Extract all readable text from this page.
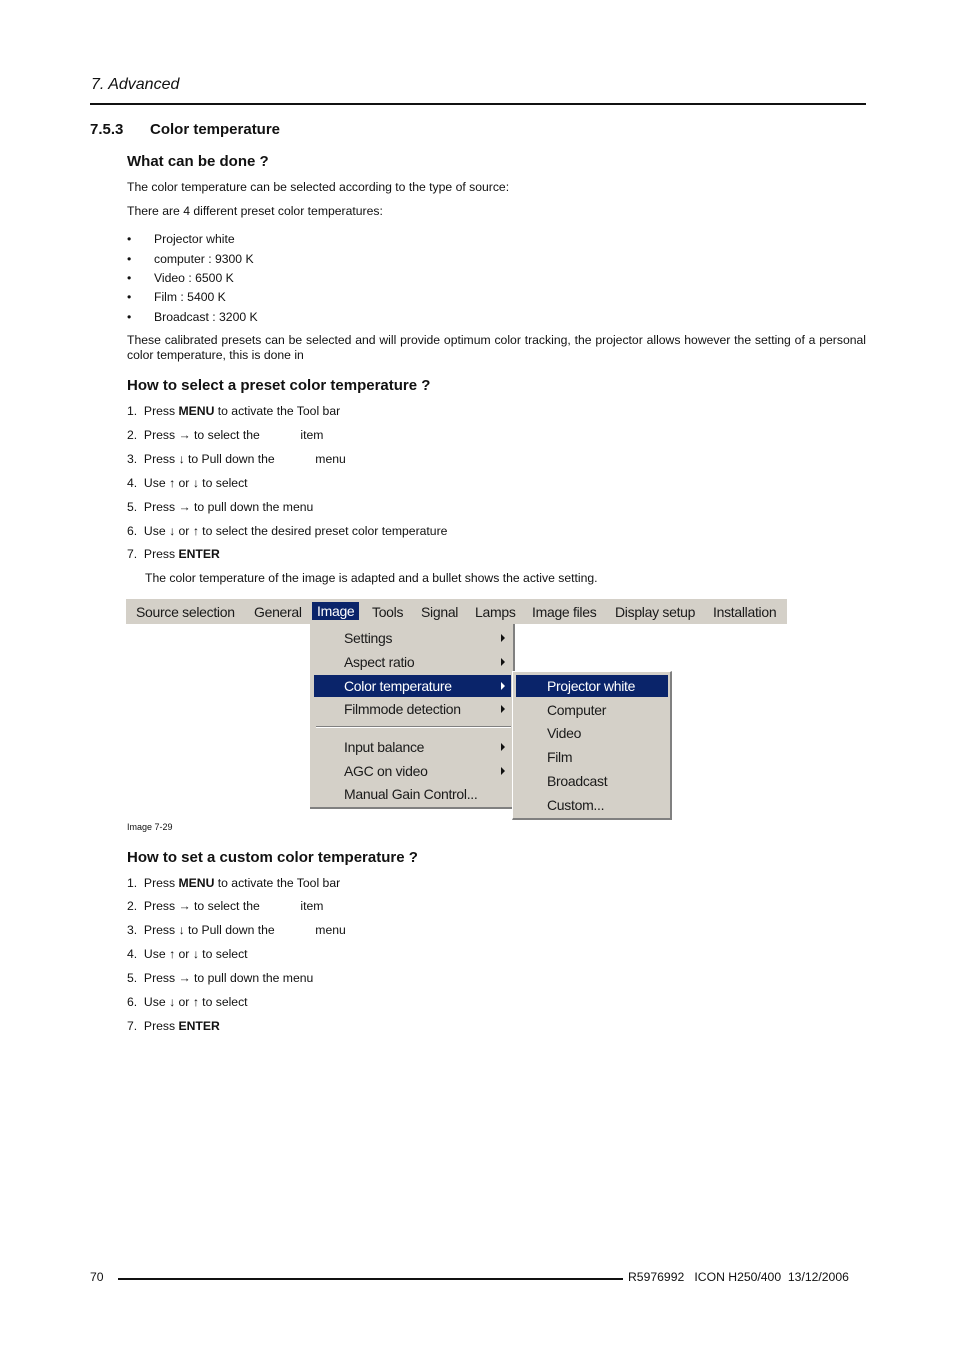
7. Advanced
7.5.3 Color temperature
What can be done ?
The color temperature can be selected according to the type of source:
There are 4 different preset color temperatures:
• Projector white
• computer : 9300 K
• Video : 6500 K
• Film : 5400 K
• Broadcast : 3200 K
These calibrated presets can be selected and will provide optimum color tracking, the projector allows however the setting of a personal color temperature, this is done in
How to select a preset color temperature ?
1.  Press MENU to activate the Tool bar
2.  Press → to select the            item
3.  Press ↓ to Pull down the            menu
4.  Use ↑ or ↓ to select
5.  Press → to pull down the menu
6.  Use ↓ or ↑ to select the desired preset color temperature
7.  Press ENTER
The color temperature of the image is adapted and a bullet shows the active setting.
Source selection General	Image	Tools Signal Lamps Image files Display setup Installation
Settings
Aspect ratio
Color temperature
Filmmode detection
Input balance
AGC on video
Manual Gain Control...
Projector white
Computer
Video
Film
Broadcast
Custom...
Image 7-29
How to set a custom color temperature ?
1.  Press MENU to activate the Tool bar
2.  Press → to select the            item
3.  Press ↓ to Pull down the            menu
4.  Use ↑ or ↓ to select
5.  Press → to pull down the menu
6.  Use ↓ or ↑ to select
7.  Press ENTER
70	R5976992   ICON H250/400  13/12/2006
